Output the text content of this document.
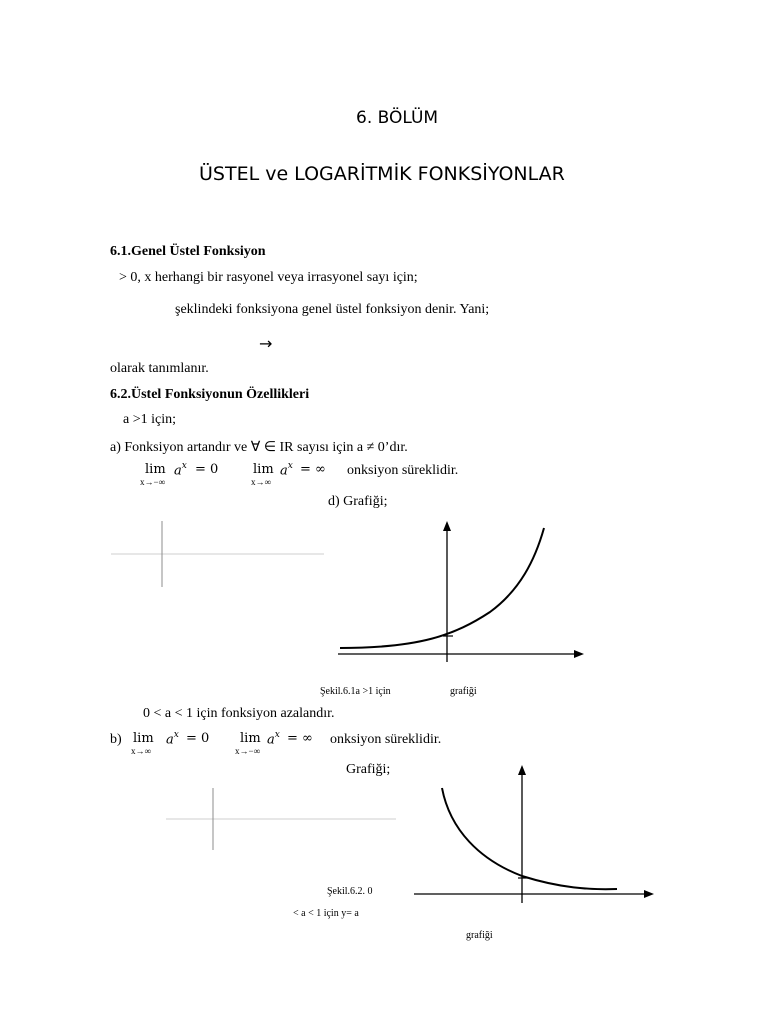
6. BÖLÜM
ÜSTEL ve LOGARİTMİK FONKSİYONLAR
6.1.Genel Üstel Fonksiyon
> 0, x herhangi bir rasyonel veya irrasyonel sayı için;
şeklindeki fonksiyona genel üstel fonksiyon denir. Yani;
→
olarak tanımlanır.
6.2.Üstel Fonksiyonun Özellikleri
a >1 için;
a) Fonksiyon artandır ve ∀ ∈ IR sayısı için a ≠ 0’dır.
lim
x→−∞
$a^x = 0$	lim
x→∞
$a^x$ = ∞ onksiyon süreklidir.
d) Grafiği;
Şekil.6.1a >1 için	grafiği
0 < a < 1 için fonksiyon azalandır.
b) lim
x→∞
$a^x = 0$ lim
x→−∞
$a^x$ = ∞ onksiyon süreklidir.
Grafiği;
Şekil.6.2. 0
< a < 1 için y= a
grafiği
